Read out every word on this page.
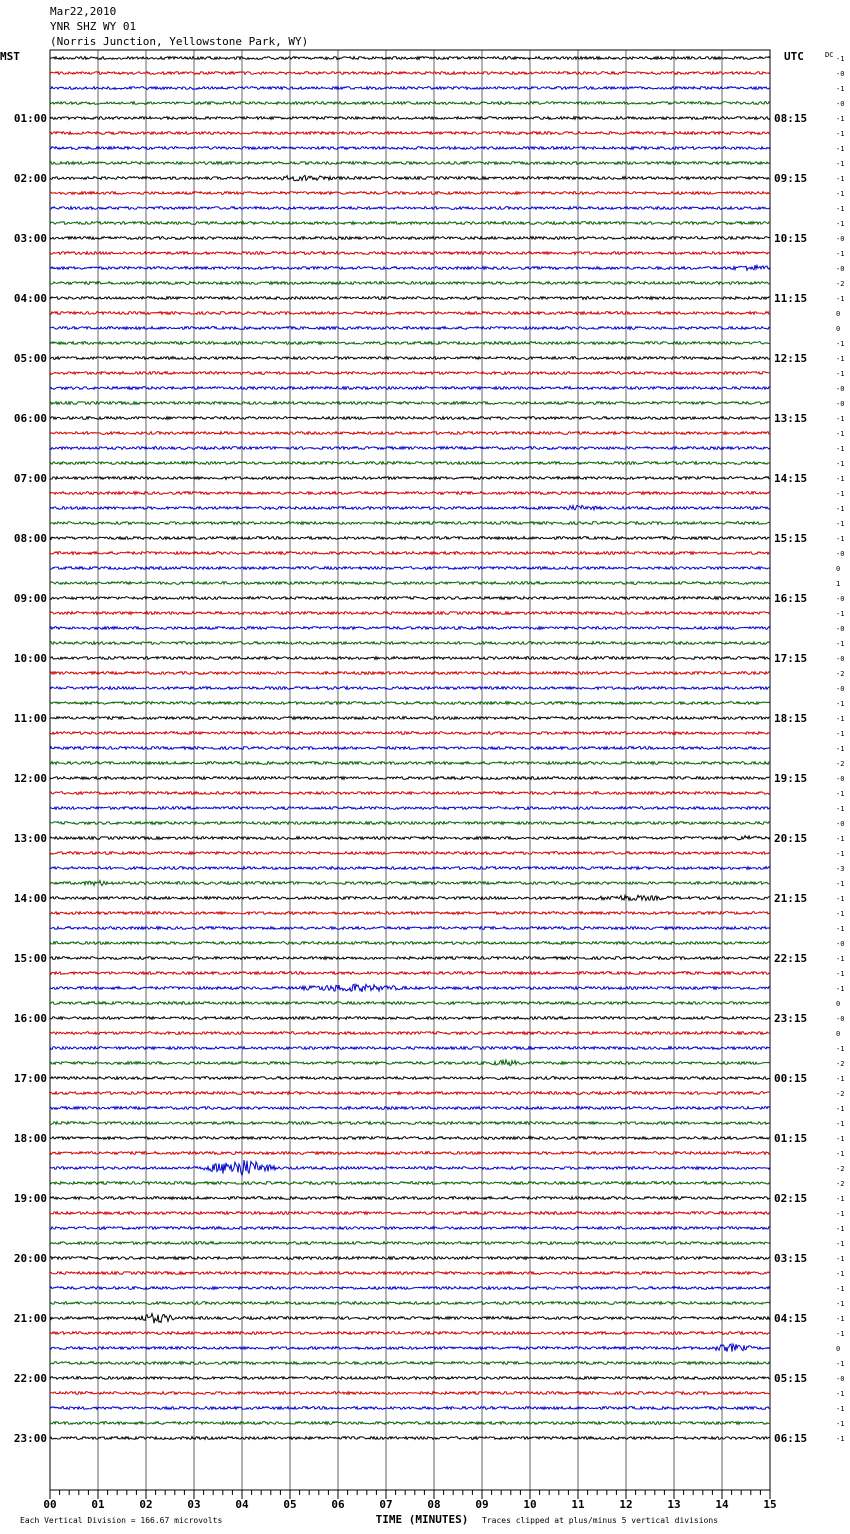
Mar22,2010
YNR SHZ WY 01
(Norris Junction, Yellowstone Park, WY)
00	01	02	03	04	05	06	07	08	09	10	11	12	13	14	15
-1
-0
-1
-0
-1
-1
-1
-1
-1
-1
-1
-1
-0
-1
-0
-2
-1
0
0
-1
-1
-1
-0
-0
-1
-1
-1
-1
-1
-1
-1
-1
-1
-0
0
1
-0
-1
-0
-1
-0
-2
-0
-1
-1
-1
-1
-2
-0
-1
-1
-0
-1
-1
-3
-1
-1
-1
-1
-0
-1
-1
-1
0
-0
0
-1
-2
-1
-2
-1
-1
-1
-1
-2
-2
-1
-1
-1
-1
-1
-1
-1
-1
-1
-1
0
-1
-0
-1
-1
-1
-1
01:00
02:00
03:00
04:00
05:00
06:00
07:00
08:00
09:00
10:00
11:00
12:00
13:00
14:00
15:00
16:00
17:00
18:00
19:00
20:00
21:00
22:00
23:00
08:15
09:15
10:15
11:15
12:15
13:15
14:15
15:15
16:15
17:15
18:15
19:15
20:15
21:15
22:15
23:15
00:15
01:15
02:15
03:15
04:15
05:15
06:15
MST	UTC	DC
TIME (MINUTES)
Each Vertical Division = 166.67 microvolts	Traces clipped at plus/minus 5 vertical divisions
